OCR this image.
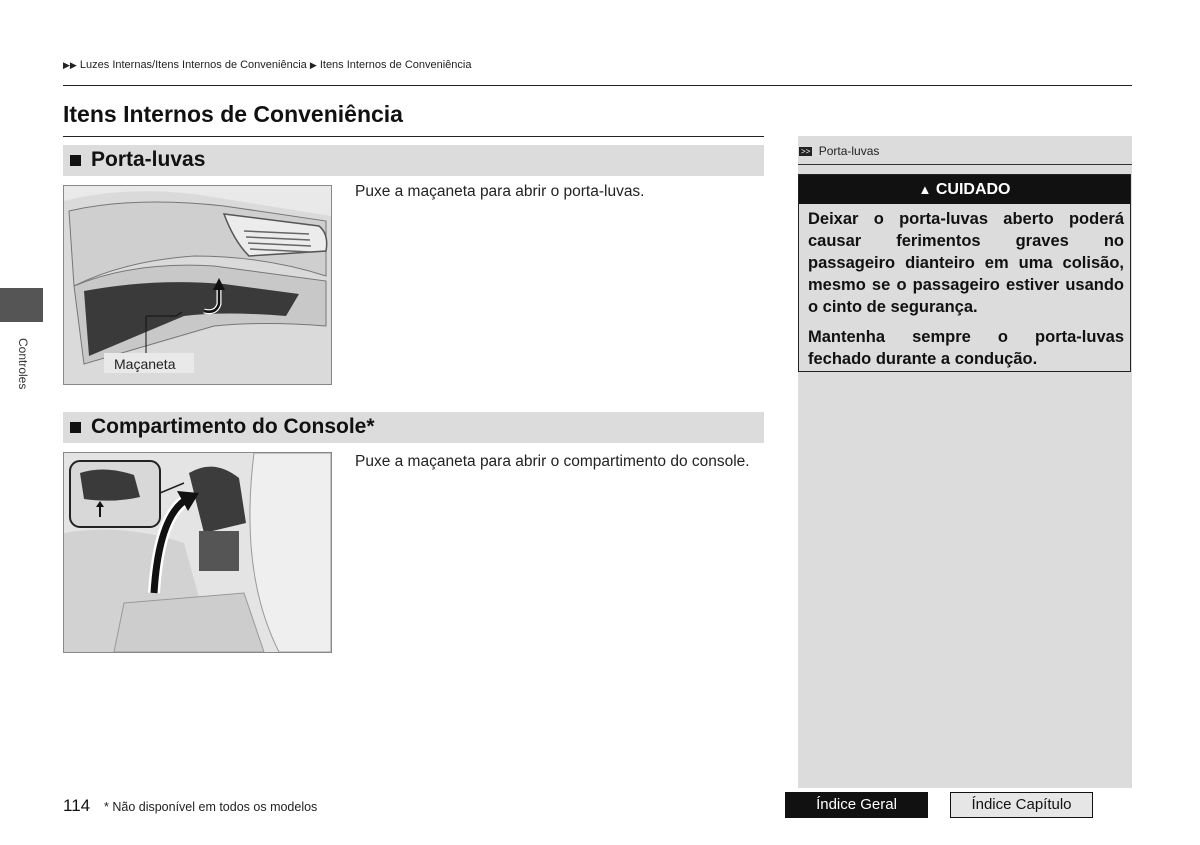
▶▶ Luzes Internas/Itens Internos de Conveniência ▶ Itens Internos de Conveniência
Itens Internos de Conveniência
Controles
Porta-luvas
Maçaneta
Puxe a maçaneta para abrir o porta-luvas.
Compartimento do Console*
Puxe a maçaneta para abrir o compartimento do console.
>> Porta-luvas
▲ CUIDADO
Deixar o porta-luvas aberto poderá causar ferimentos graves no passageiro dianteiro em uma colisão, mesmo se o passageiro estiver usando o cinto de segurança.
Mantenha sempre o porta-luvas fechado durante a condução.
114 * Não disponível em todos os modelos	Índice Geral	Índice Capítulo
